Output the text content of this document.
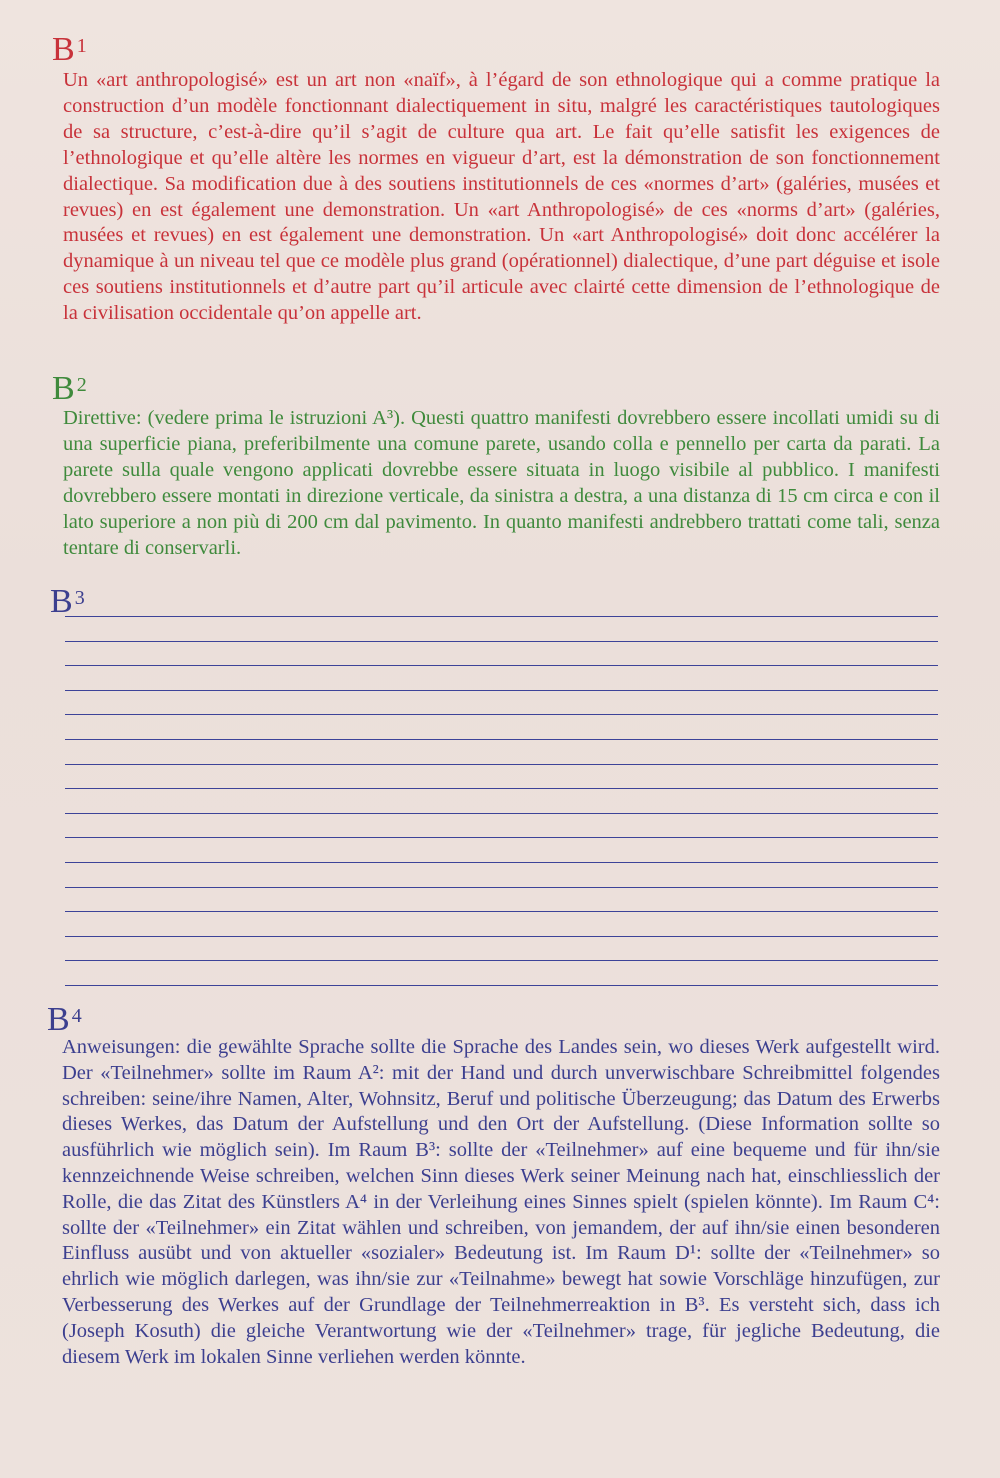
B $^1$

Un «art anthropologisé» est un art non «naïf», à l’égard de son ethnologique qui a comme pratique la construction d’un modèle fonctionnant dialectiquement in situ, malgré les caractéristiques tautologiques de sa structure, c’est-à-dire qu’il s’agit de culture qua art. Le fait qu’elle satisfit les exigences de l’ethnologique et qu’elle altère les normes en vigueur d’art, est la démonstration de son fonctionnement dialectique. Sa modification due à des soutiens institutionnels de ces «normes d’art» (galéries, musées et revues) en est également une demonstration. Un «art Anthropologisé» de ces «norms d’art» (galéries, musées et revues) en est également une demonstration. Un «art Anthropologisé» doit donc accélérer la dynamique à un niveau tel que ce modèle plus grand (opérationnel) dialectique, d’une part déguise et isole ces soutiens institutionnels et d’autre part qu’il articule avec clairté cette dimension de l’ethnologique de la civilisation occidentale qu’on appelle art.

B $^2$

Direttive: (vedere prima le istruzioni A³). Questi quattro manifesti dovrebbero essere incollati umidi su di una superficie piana, preferibilmente una comune parete, usando colla e pennello per carta da parati. La parete sulla quale vengono applicati dovrebbe essere situata in luogo visibile al pubblico. I manifesti dovrebbero essere montati in direzione verticale, da sinistra a destra, a una distanza di 15 cm circa e con il lato superiore a non più di 200 cm dal pavimento. In quanto manifesti andrebbero trattati come tali, senza tentare di conservarli.

B $^3$
B $^4$

Anweisungen: die gewählte Sprache sollte die Sprache des Landes sein, wo dieses Werk aufgestellt wird. Der «Teilnehmer» sollte im Raum A²: mit der Hand und durch unverwischbare Schreibmittel folgendes schreiben: seine/ihre Namen, Alter, Wohnsitz, Beruf und politische Überzeugung; das Datum des Erwerbs dieses Werkes, das Datum der Aufstellung und den Ort der Aufstellung. (Diese Information sollte so ausführlich wie möglich sein). Im Raum B³: sollte der «Teilnehmer» auf eine bequeme und für ihn/sie kennzeichnende Weise schreiben, welchen Sinn dieses Werk seiner Meinung nach hat, einschliesslich der Rolle, die das Zitat des Künstlers A⁴ in der Verleihung eines Sinnes spielt (spielen könnte). Im Raum C⁴: sollte der «Teilnehmer» ein Zitat wählen und schreiben, von jemandem, der auf ihn/sie einen besonderen Einfluss ausübt und von aktueller «sozialer» Bedeutung ist. Im Raum D¹: sollte der «Teilnehmer» so ehrlich wie möglich darlegen, was ihn/sie zur «Teilnahme» bewegt hat sowie Vorschläge hinzufügen, zur Verbesserung des Werkes auf der Grundlage der Teilnehmerreaktion in B³. Es versteht sich, dass ich (Joseph Kosuth) die gleiche Verantwortung wie der «Teilnehmer» trage, für jegliche Bedeutung, die diesem Werk im lokalen Sinne verliehen werden könnte.
